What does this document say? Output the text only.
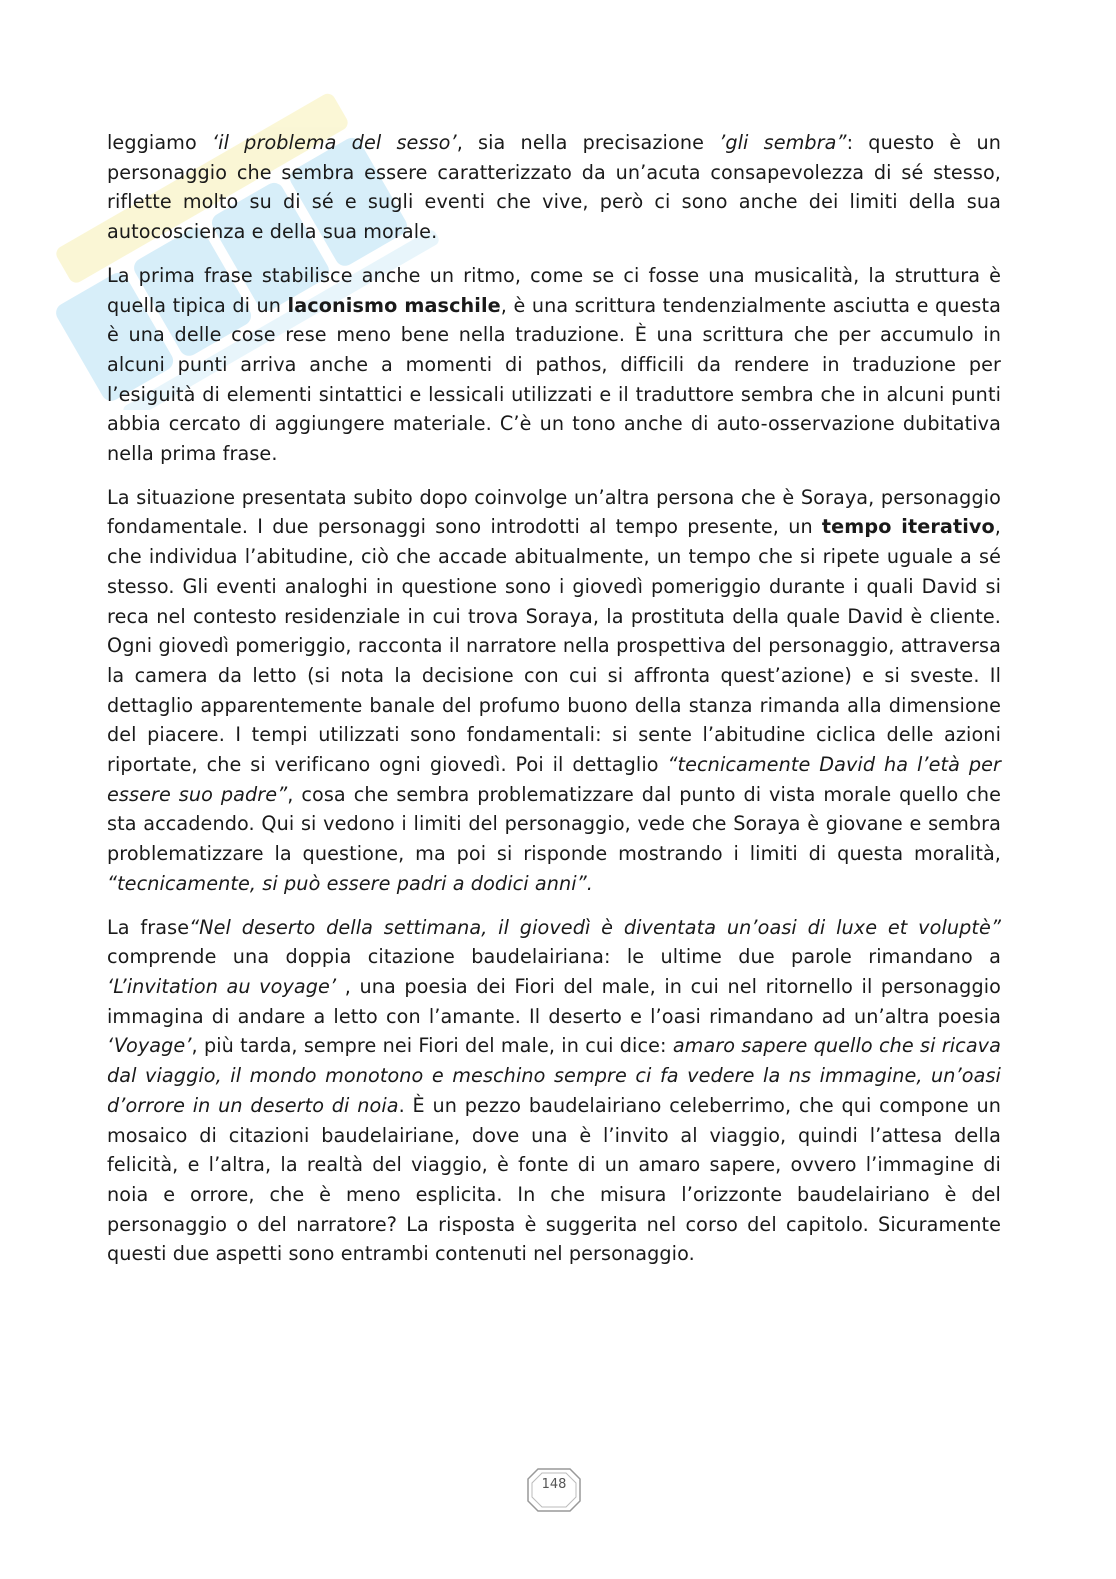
leggiamo ‘il problema del sesso’, sia nella precisazione ’gli sembra”: questo è un personaggio che sembra essere caratterizzato da un’acuta consapevolezza di sé stesso, riflette molto su di sé e sugli eventi che vive, però ci sono anche dei limiti della sua autocoscienza e della sua morale.

La prima frase stabilisce anche un ritmo, come se ci fosse una musicalità, la struttura è quella tipica di un laconismo maschile, è una scrittura tendenzialmente asciutta e questa è una delle cose rese meno bene nella traduzione. È una scrittura che per accumulo in alcuni punti arriva anche a momenti di pathos, difficili da rendere in traduzione per l’esiguità di elementi sintattici e lessicali utilizzati e il traduttore sembra che in alcuni punti abbia cercato di aggiungere materiale. C’è un tono anche di auto-osservazione dubitativa nella prima frase.

La situazione presentata subito dopo coinvolge un’altra persona che è Soraya, personaggio fondamentale. I due personaggi sono introdotti al tempo presente, un tempo iterativo, che individua l’abitudine, ciò che accade abitualmente, un tempo che si ripete uguale a sé stesso. Gli eventi analoghi in questione sono i giovedì pomeriggio durante i quali David si reca nel contesto residenziale in cui trova Soraya, la prostituta della quale David è cliente. Ogni giovedì pomeriggio, racconta il narratore nella prospettiva del personaggio, attraversa la camera da letto (si nota la decisione con cui si affronta quest’azione) e si sveste. Il dettaglio apparentemente banale del profumo buono della stanza rimanda alla dimensione del piacere. I tempi utilizzati sono fondamentali: si sente l’abitudine ciclica delle azioni riportate, che si verificano ogni giovedì. Poi il dettaglio “tecnicamente David ha l’età per essere suo padre”, cosa che sembra problematizzare dal punto di vista morale quello che sta accadendo. Qui si vedono i limiti del personaggio, vede che Soraya è giovane e sembra problematizzare la questione, ma poi si risponde mostrando i limiti di questa moralità, “tecnicamente, si può essere padri a dodici anni”.

La frase“Nel deserto della settimana, il giovedì è diventata un’oasi di luxe et voluptè” comprende una doppia citazione baudelairiana: le ultime due parole rimandano a ‘L’invitation au voyage’ , una poesia dei Fiori del male, in cui nel ritornello il personaggio immagina di andare a letto con l’amante. Il deserto e l’oasi rimandano ad un’altra poesia ‘Voyage’, più tarda, sempre nei Fiori del male, in cui dice: amaro sapere quello che si ricava dal viaggio, il mondo monotono e meschino sempre ci fa vedere la ns immagine, un’oasi d’orrore in un deserto di noia. È un pezzo baudelairiano celeberrimo, che qui compone un mosaico di citazioni baudelairiane, dove una è l’invito al viaggio, quindi l’attesa della felicità, e l’altra, la realtà del viaggio, è fonte di un amaro sapere, ovvero l’immagine di noia e orrore, che è meno esplicita. In che misura l’orizzonte baudelairiano è del personaggio o del narratore? La risposta è suggerita nel corso del capitolo. Sicuramente questi due aspetti sono entrambi contenuti nel personaggio.

148
